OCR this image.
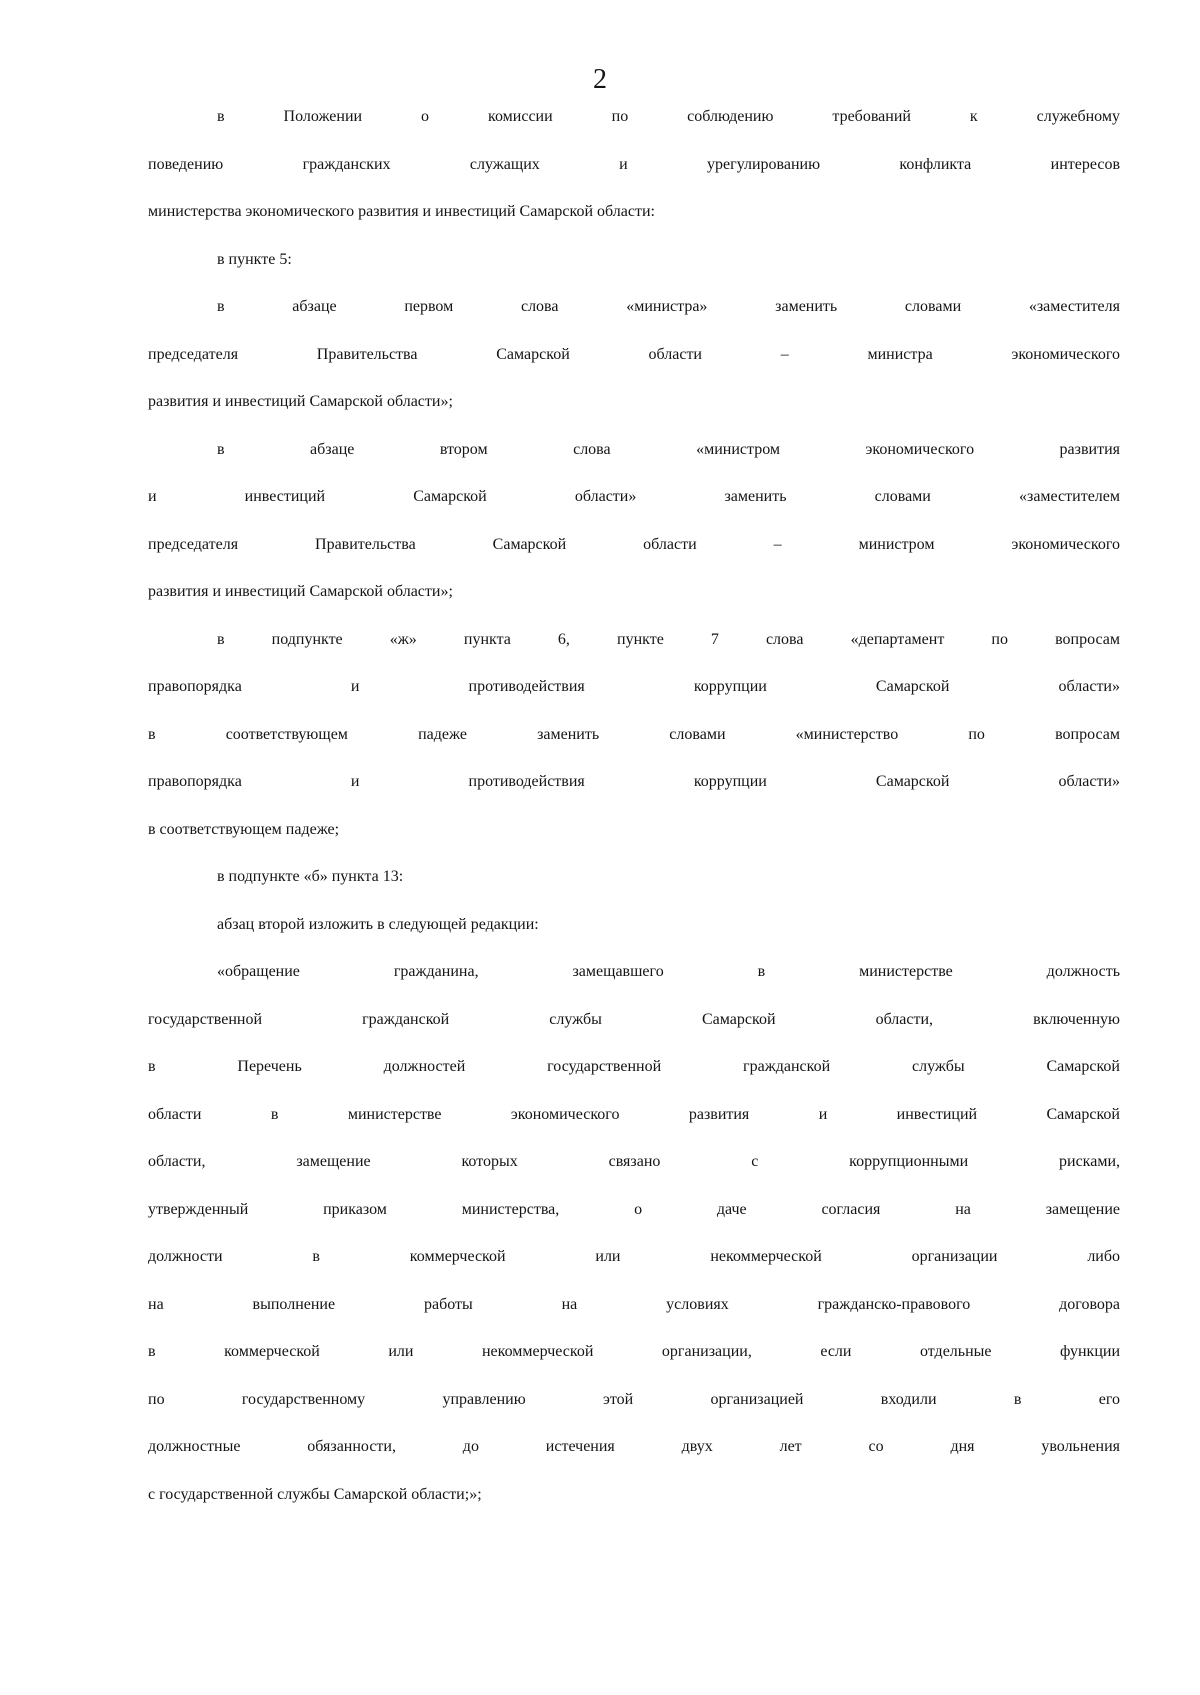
2
в Положении о комиссии по соблюдению требований к служебному
поведению гражданских служащих и урегулированию конфликта интересов
министерства экономического развития и инвестиций Самарской области:
в пункте 5:
в абзаце первом слова «министра» заменить словами «заместителя
председателя Правительства Самарской области – министра экономического
развития и инвестиций Самарской области»;
в абзаце втором слова «министром экономического развития
и инвестиций Самарской области» заменить словами «заместителем
председателя Правительства Самарской области – министром экономического
развития и инвестиций Самарской области»;
в подпункте «ж» пункта 6, пункте 7 слова «департамент по вопросам
правопорядка и противодействия коррупции Самарской области»
в соответствующем падеже заменить словами «министерство по вопросам
правопорядка и противодействия коррупции Самарской области»
в соответствующем падеже;
в подпункте «б» пункта 13:
абзац второй изложить в следующей редакции:
«обращение гражданина, замещавшего в министерстве должность
государственной гражданской службы Самарской области, включенную
в Перечень должностей государственной гражданской службы Самарской
области в министерстве экономического развития и инвестиций Самарской
области, замещение которых связано с коррупционными рисками,
утвержденный приказом министерства, о даче согласия на замещение
должности в коммерческой или некоммерческой организации либо
на выполнение работы на условиях гражданско-правового договора
в коммерческой или некоммерческой организации, если отдельные функции
по государственному управлению этой организацией входили в его
должностные обязанности, до истечения двух лет со дня увольнения
с государственной службы Самарской области;»;
